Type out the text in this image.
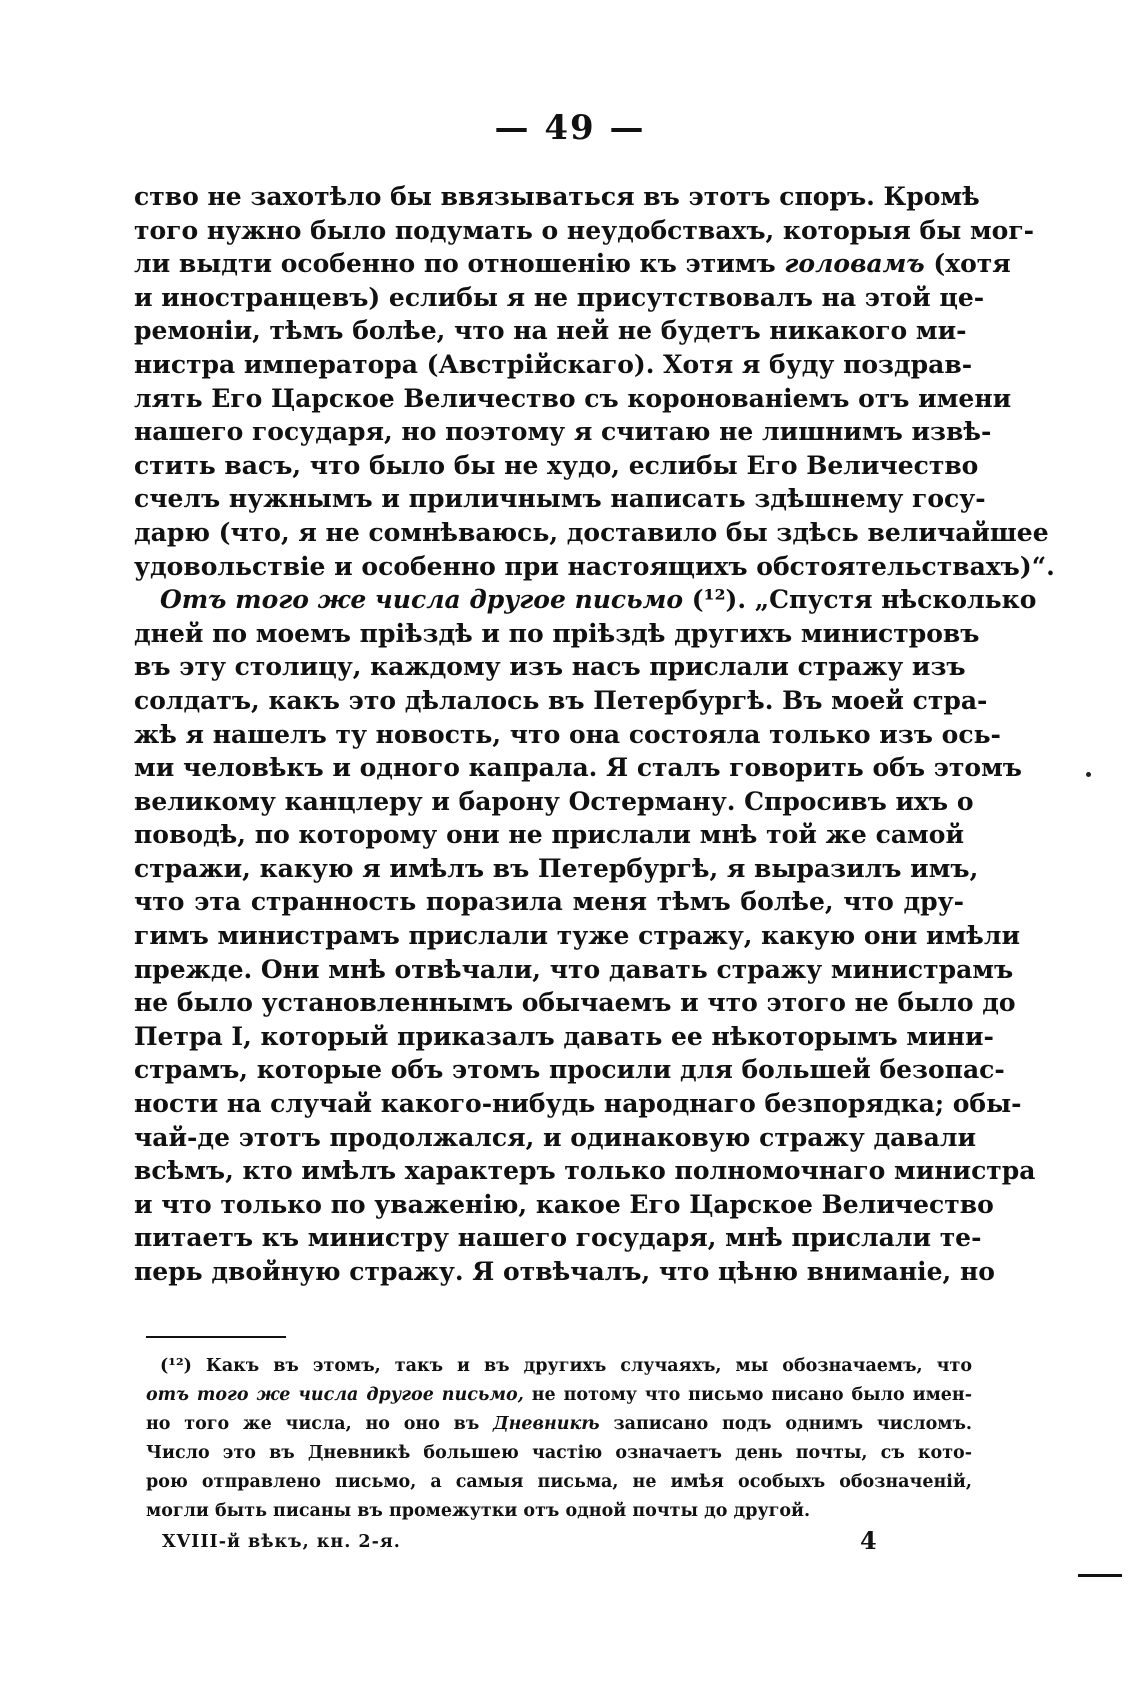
— 49 —
ство не захотѣло бы ввязываться въ этотъ споръ. Кромѣ
того нужно было подумать о неудобствахъ, которыя бы мог-
ли выдти особенно по отношенію къ этимъ головамъ (хотя
и иностранцевъ) еслибы я не присутствовалъ на этой це-
ремоніи, тѣмъ болѣе, что на ней не будетъ никакого ми-
нистра императора (Австрійскаго). Хотя я буду поздрав-
лять Его Царское Величество съ коронованіемъ отъ имени
нашего государя, но поэтому я считаю не лишнимъ извѣ-
стить васъ, что было бы не худо, еслибы Его Величество
счелъ нужнымъ и приличнымъ написать здѣшнему госу-
дарю (что, я не сомнѣваюсь, доставило бы здѣсь величайшее
удовольствіе и особенно при настоящихъ обстоятельствахъ)“.
Отъ того же числа другое письмо (¹²). „Спустя нѣсколько
дней по моемъ пріѣздѣ и по пріѣздѣ другихъ министровъ
въ эту столицу, каждому изъ насъ прислали стражу изъ
солдатъ, какъ это дѣлалось въ Петербургѣ. Въ моей стра-
жѣ я нашелъ ту новость, что она состояла только изъ ось-
ми человѣкъ и одного капрала. Я сталъ говорить объ этомъ
великому канцлеру и барону Остерману. Спросивъ ихъ о
поводѣ, по которому они не прислали мнѣ той же самой
стражи, какую я имѣлъ въ Петербургѣ, я выразилъ имъ,
что эта странность поразила меня тѣмъ болѣе, что дру-
гимъ министрамъ прислали туже стражу, какую они имѣли
прежде. Они мнѣ отвѣчали, что давать стражу министрамъ
не было установленнымъ обычаемъ и что этого не было до
Петра I, который приказалъ давать ее нѣкоторымъ мини-
страмъ, которые объ этомъ просили для большей безопас-
ности на случай какого-нибудь народнаго безпорядка; обы-
чай-де этотъ продолжался, и одинаковую стражу давали
всѣмъ, кто имѣлъ характеръ только полномочнаго министра
и что только по уваженію, какое Его Царское Величество
питаетъ къ министру нашего государя, мнѣ прислали те-
перь двойную стражу. Я отвѣчалъ, что цѣню вниманіе, но
(¹²) Какъ въ этомъ, такъ и въ другихъ случаяхъ, мы обозначаемъ, что
отъ того же числа другое письмо, не потому что письмо писано было имен-
но того же числа, но оно въ Дневникѣ записано подъ однимъ числомъ.
Число это въ Дневникѣ большею частію означаетъ день почты, съ кото-
рою отправлено письмо, а самыя письма, не имѣя особыхъ обозначеній,
могли быть писаны въ промежутки отъ одной почты до другой.
XVIII-й вѣкъ, кн. 2-я.	4
